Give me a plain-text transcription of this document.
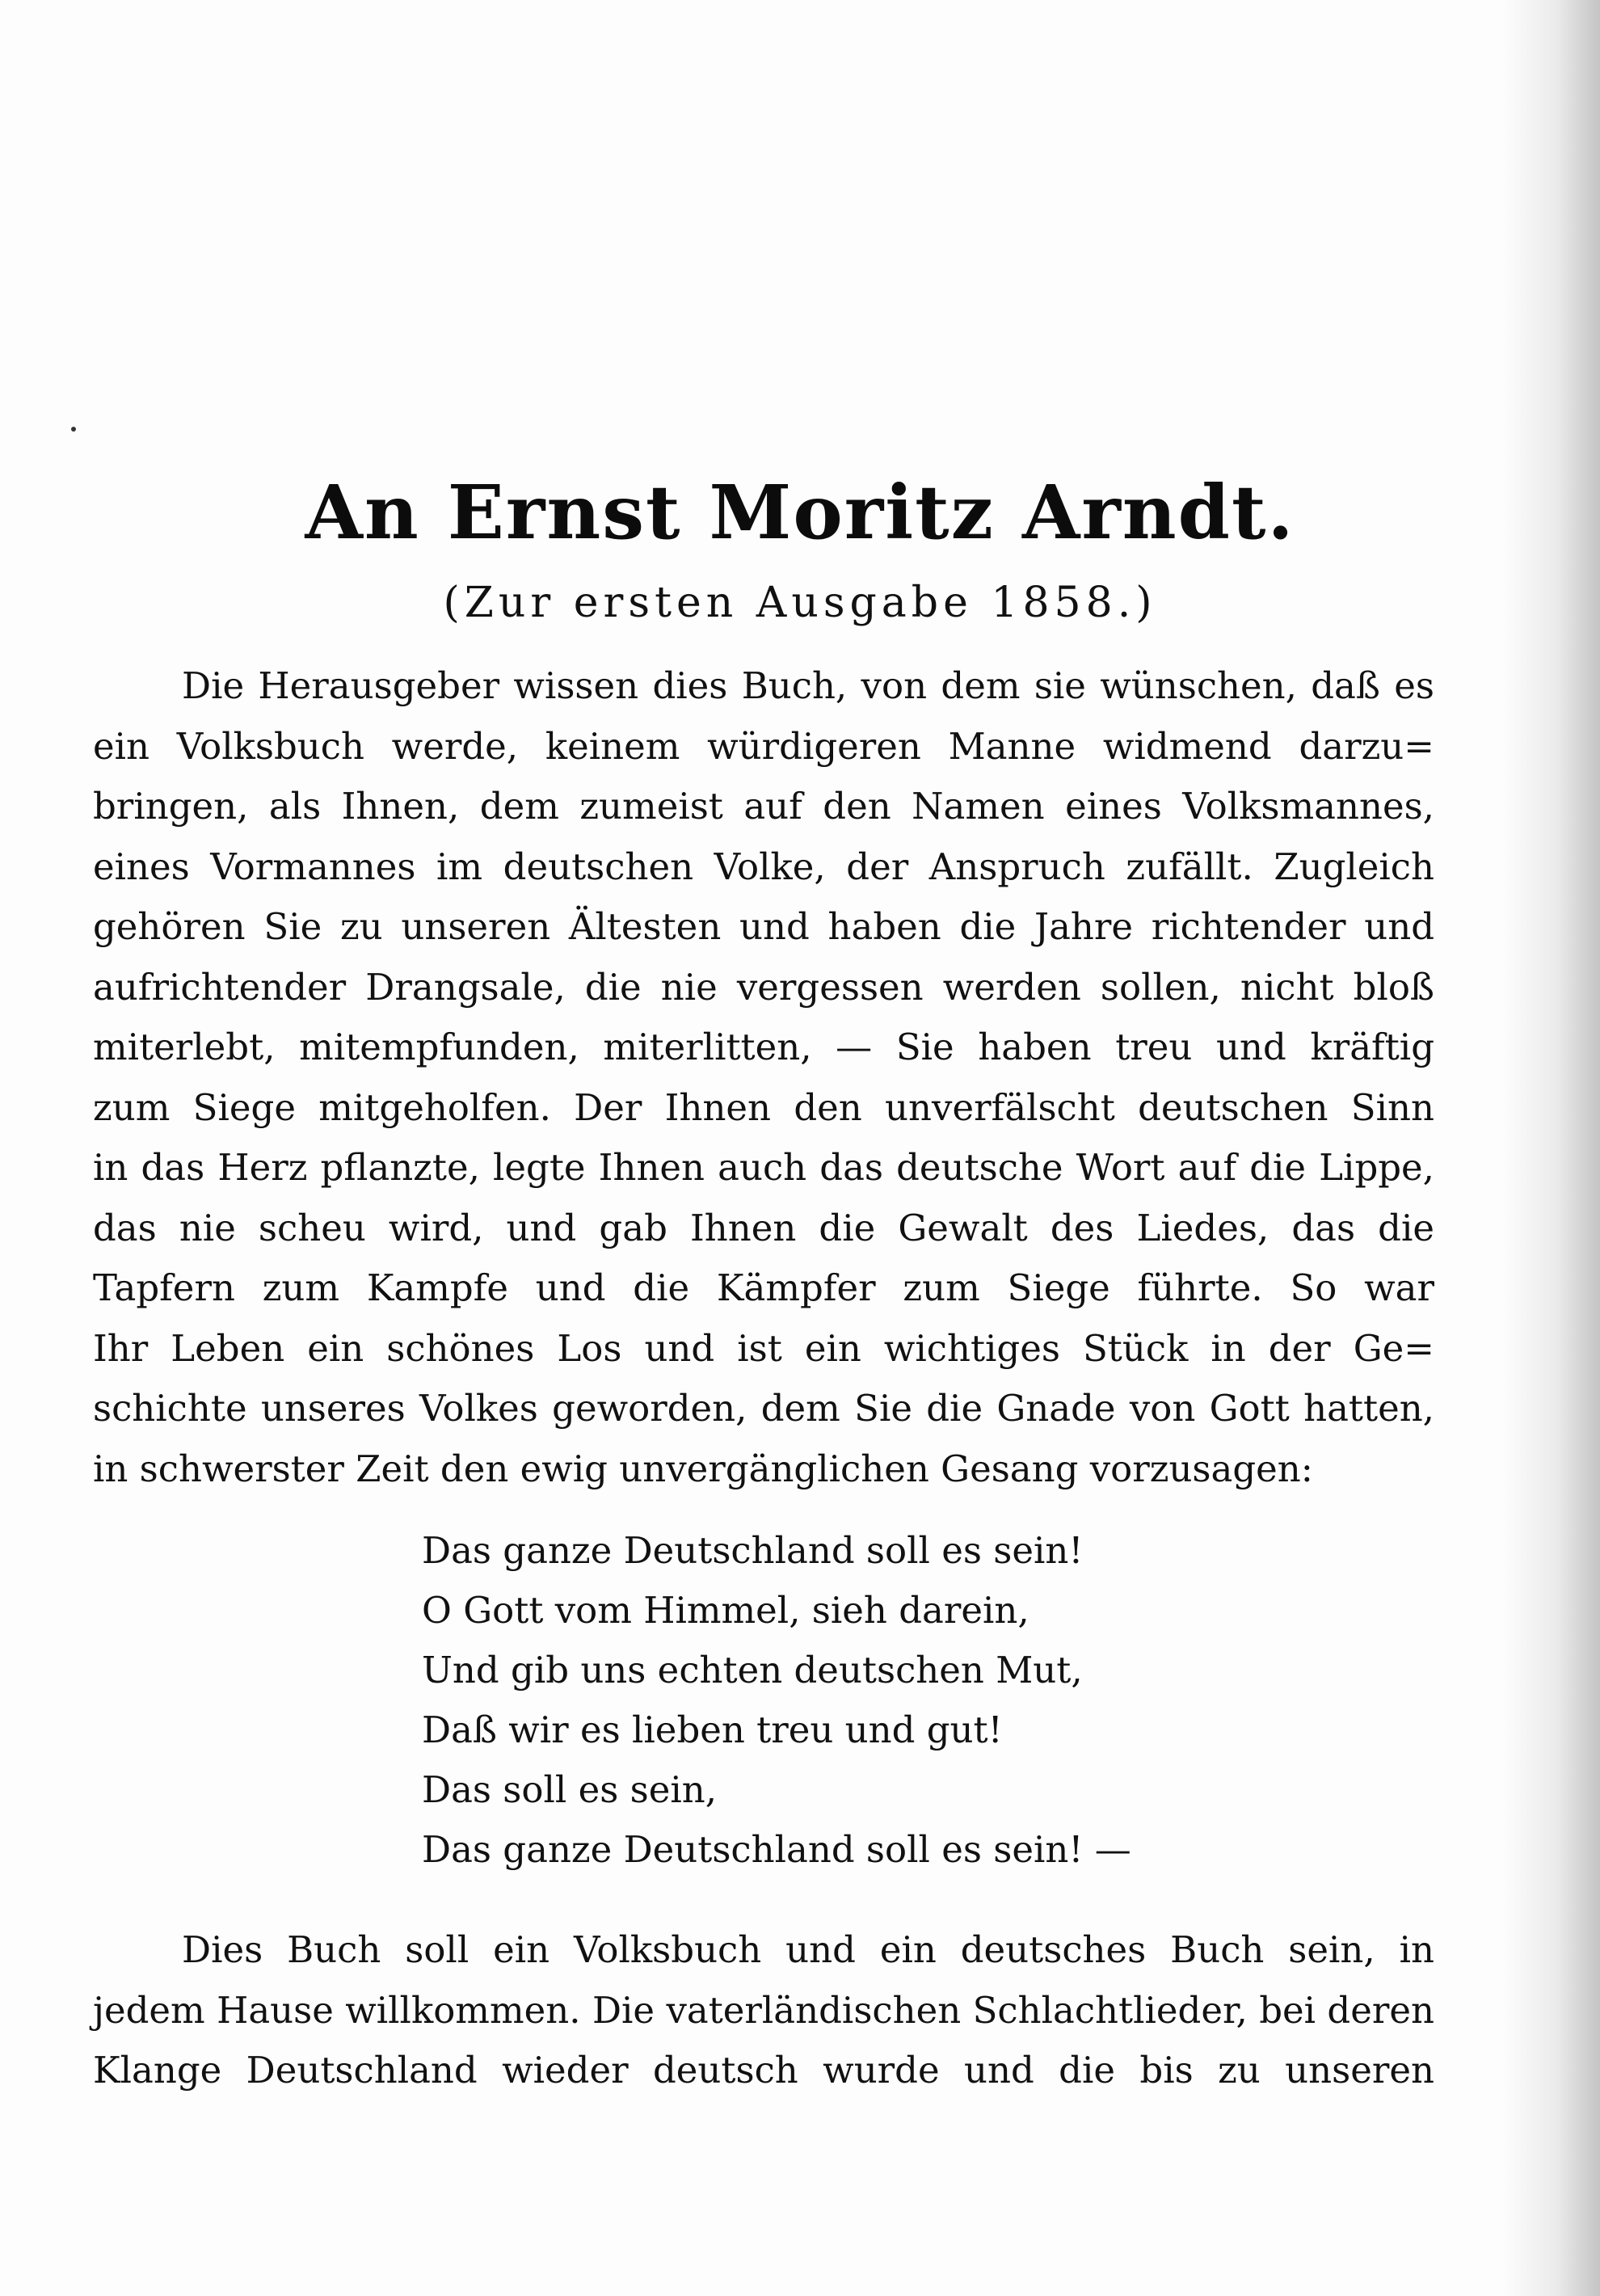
An Ernst Moritz Arndt.
(Zur ersten Ausgabe 1858.)
Die Herausgeber wissen dies Buch, von dem sie wünschen, daß es
ein Volksbuch werde, keinem würdigeren Manne widmend darzu=
bringen, als Ihnen, dem zumeist auf den Namen eines Volksmannes,
eines Vormannes im deutschen Volke, der Anspruch zufällt. Zugleich
gehören Sie zu unseren Ältesten und haben die Jahre richtender und
aufrichtender Drangsale, die nie vergessen werden sollen, nicht bloß
miterlebt, mitempfunden, miterlitten, — Sie haben treu und kräftig
zum Siege mitgeholfen. Der Ihnen den unverfälscht deutschen Sinn
in das Herz pflanzte, legte Ihnen auch das deutsche Wort auf die Lippe,
das nie scheu wird, und gab Ihnen die Gewalt des Liedes, das die
Tapfern zum Kampfe und die Kämpfer zum Siege führte. So war
Ihr Leben ein schönes Los und ist ein wichtiges Stück in der Ge=
schichte unseres Volkes geworden, dem Sie die Gnade von Gott hatten,
in schwerster Zeit den ewig unvergänglichen Gesang vorzusagen:
Das ganze Deutschland soll es sein!
O Gott vom Himmel, sieh darein,
Und gib uns echten deutschen Mut,
Daß wir es lieben treu und gut!
Das soll es sein,
Das ganze Deutschland soll es sein! —
Dies Buch soll ein Volksbuch und ein deutsches Buch sein, in
jedem Hause willkommen. Die vaterländischen Schlachtlieder, bei deren
Klange Deutschland wieder deutsch wurde und die bis zu unseren
